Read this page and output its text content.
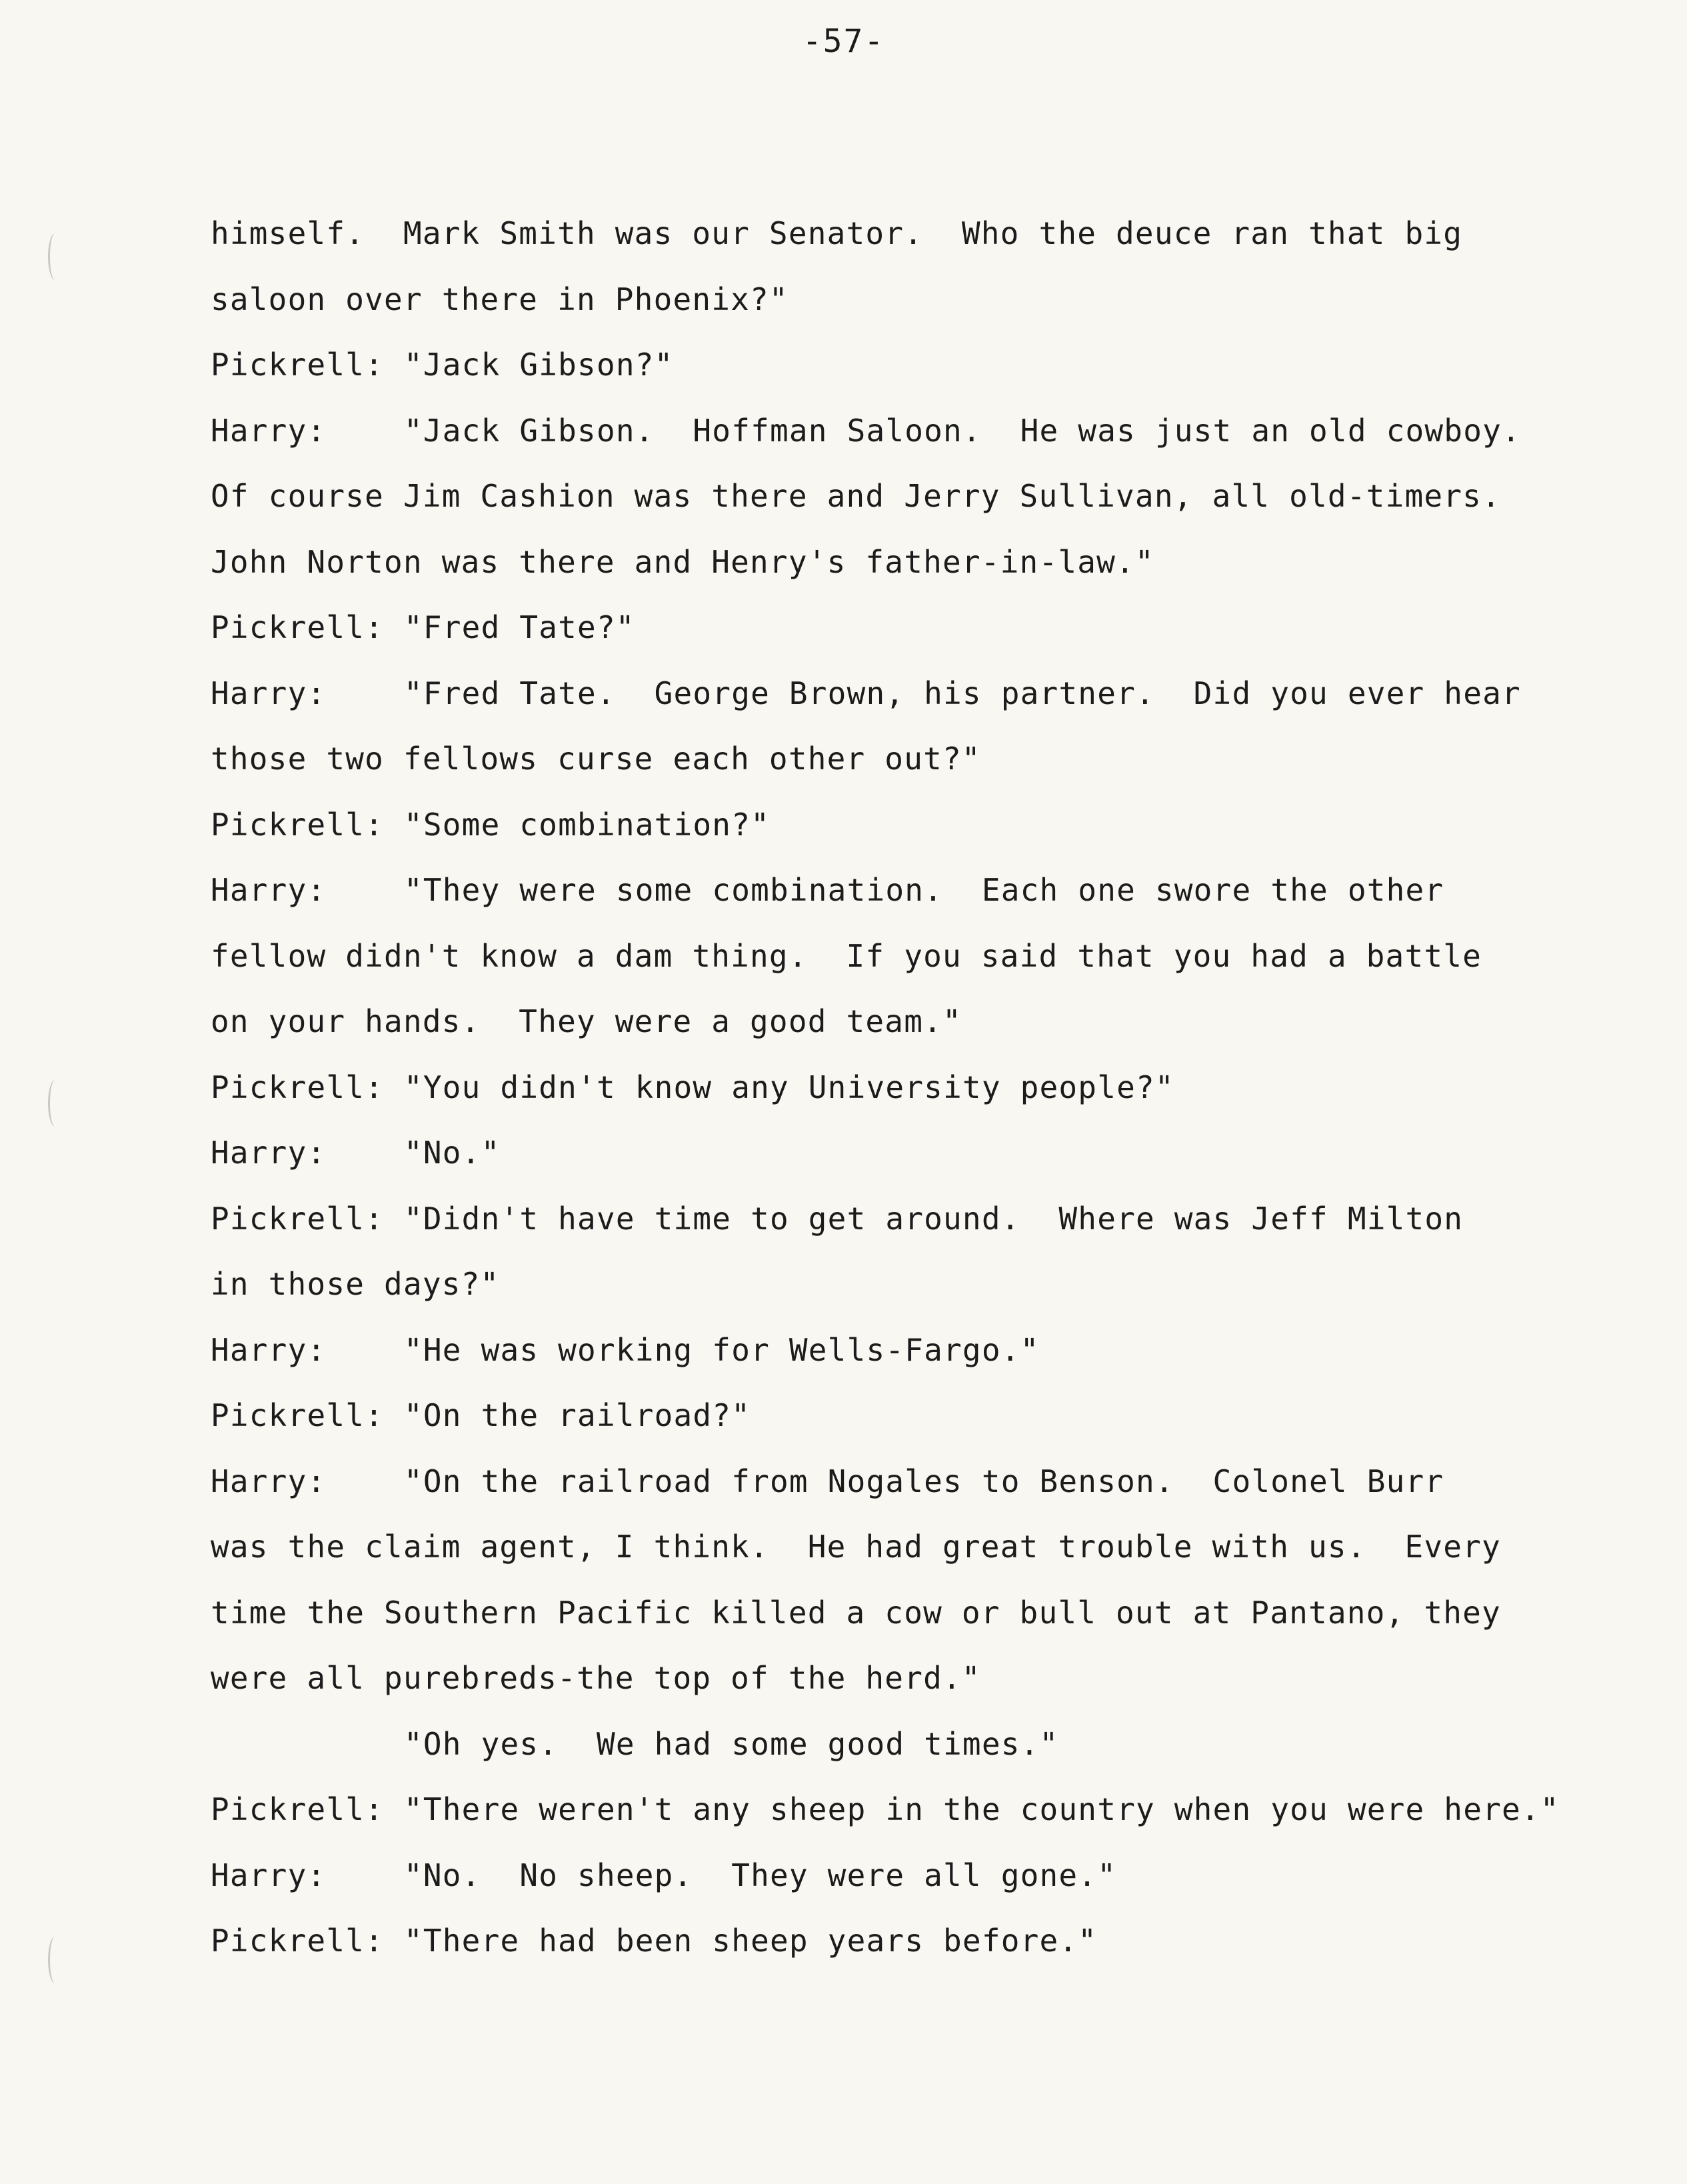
-57-
himself.  Mark Smith was our Senator.  Who the deuce ran that big
saloon over there in Phoenix?"
Pickrell: "Jack Gibson?"
Harry:	"Jack Gibson.  Hoffman Saloon.  He was just an old cowboy.
Of course Jim Cashion was there and Jerry Sullivan, all old-timers.
John Norton was there and Henry's father-in-law."
Pickrell: "Fred Tate?"
Harry:	"Fred Tate.  George Brown, his partner.  Did you ever hear
those two fellows curse each other out?"
Pickrell: "Some combination?"
Harry:	"They were some combination.  Each one swore the other
fellow didn't know a dam thing.  If you said that you had a battle
on your hands.  They were a good team."
Pickrell: "You didn't know any University people?"
Harry:	"No."
Pickrell: "Didn't have time to get around.  Where was Jeff Milton
in those days?"
Harry:	"He was working for Wells-Fargo."
Pickrell: "On the railroad?"
Harry:	"On the railroad from Nogales to Benson.  Colonel Burr
was the claim agent, I think.  He had great trouble with us.  Every
time the Southern Pacific killed a cow or bull out at Pantano, they
were all purebreds-the top of the herd."
"Oh yes.  We had some good times."
Pickrell: "There weren't any sheep in the country when you were here."
Harry:	"No.  No sheep.  They were all gone."
Pickrell: "There had been sheep years before."
